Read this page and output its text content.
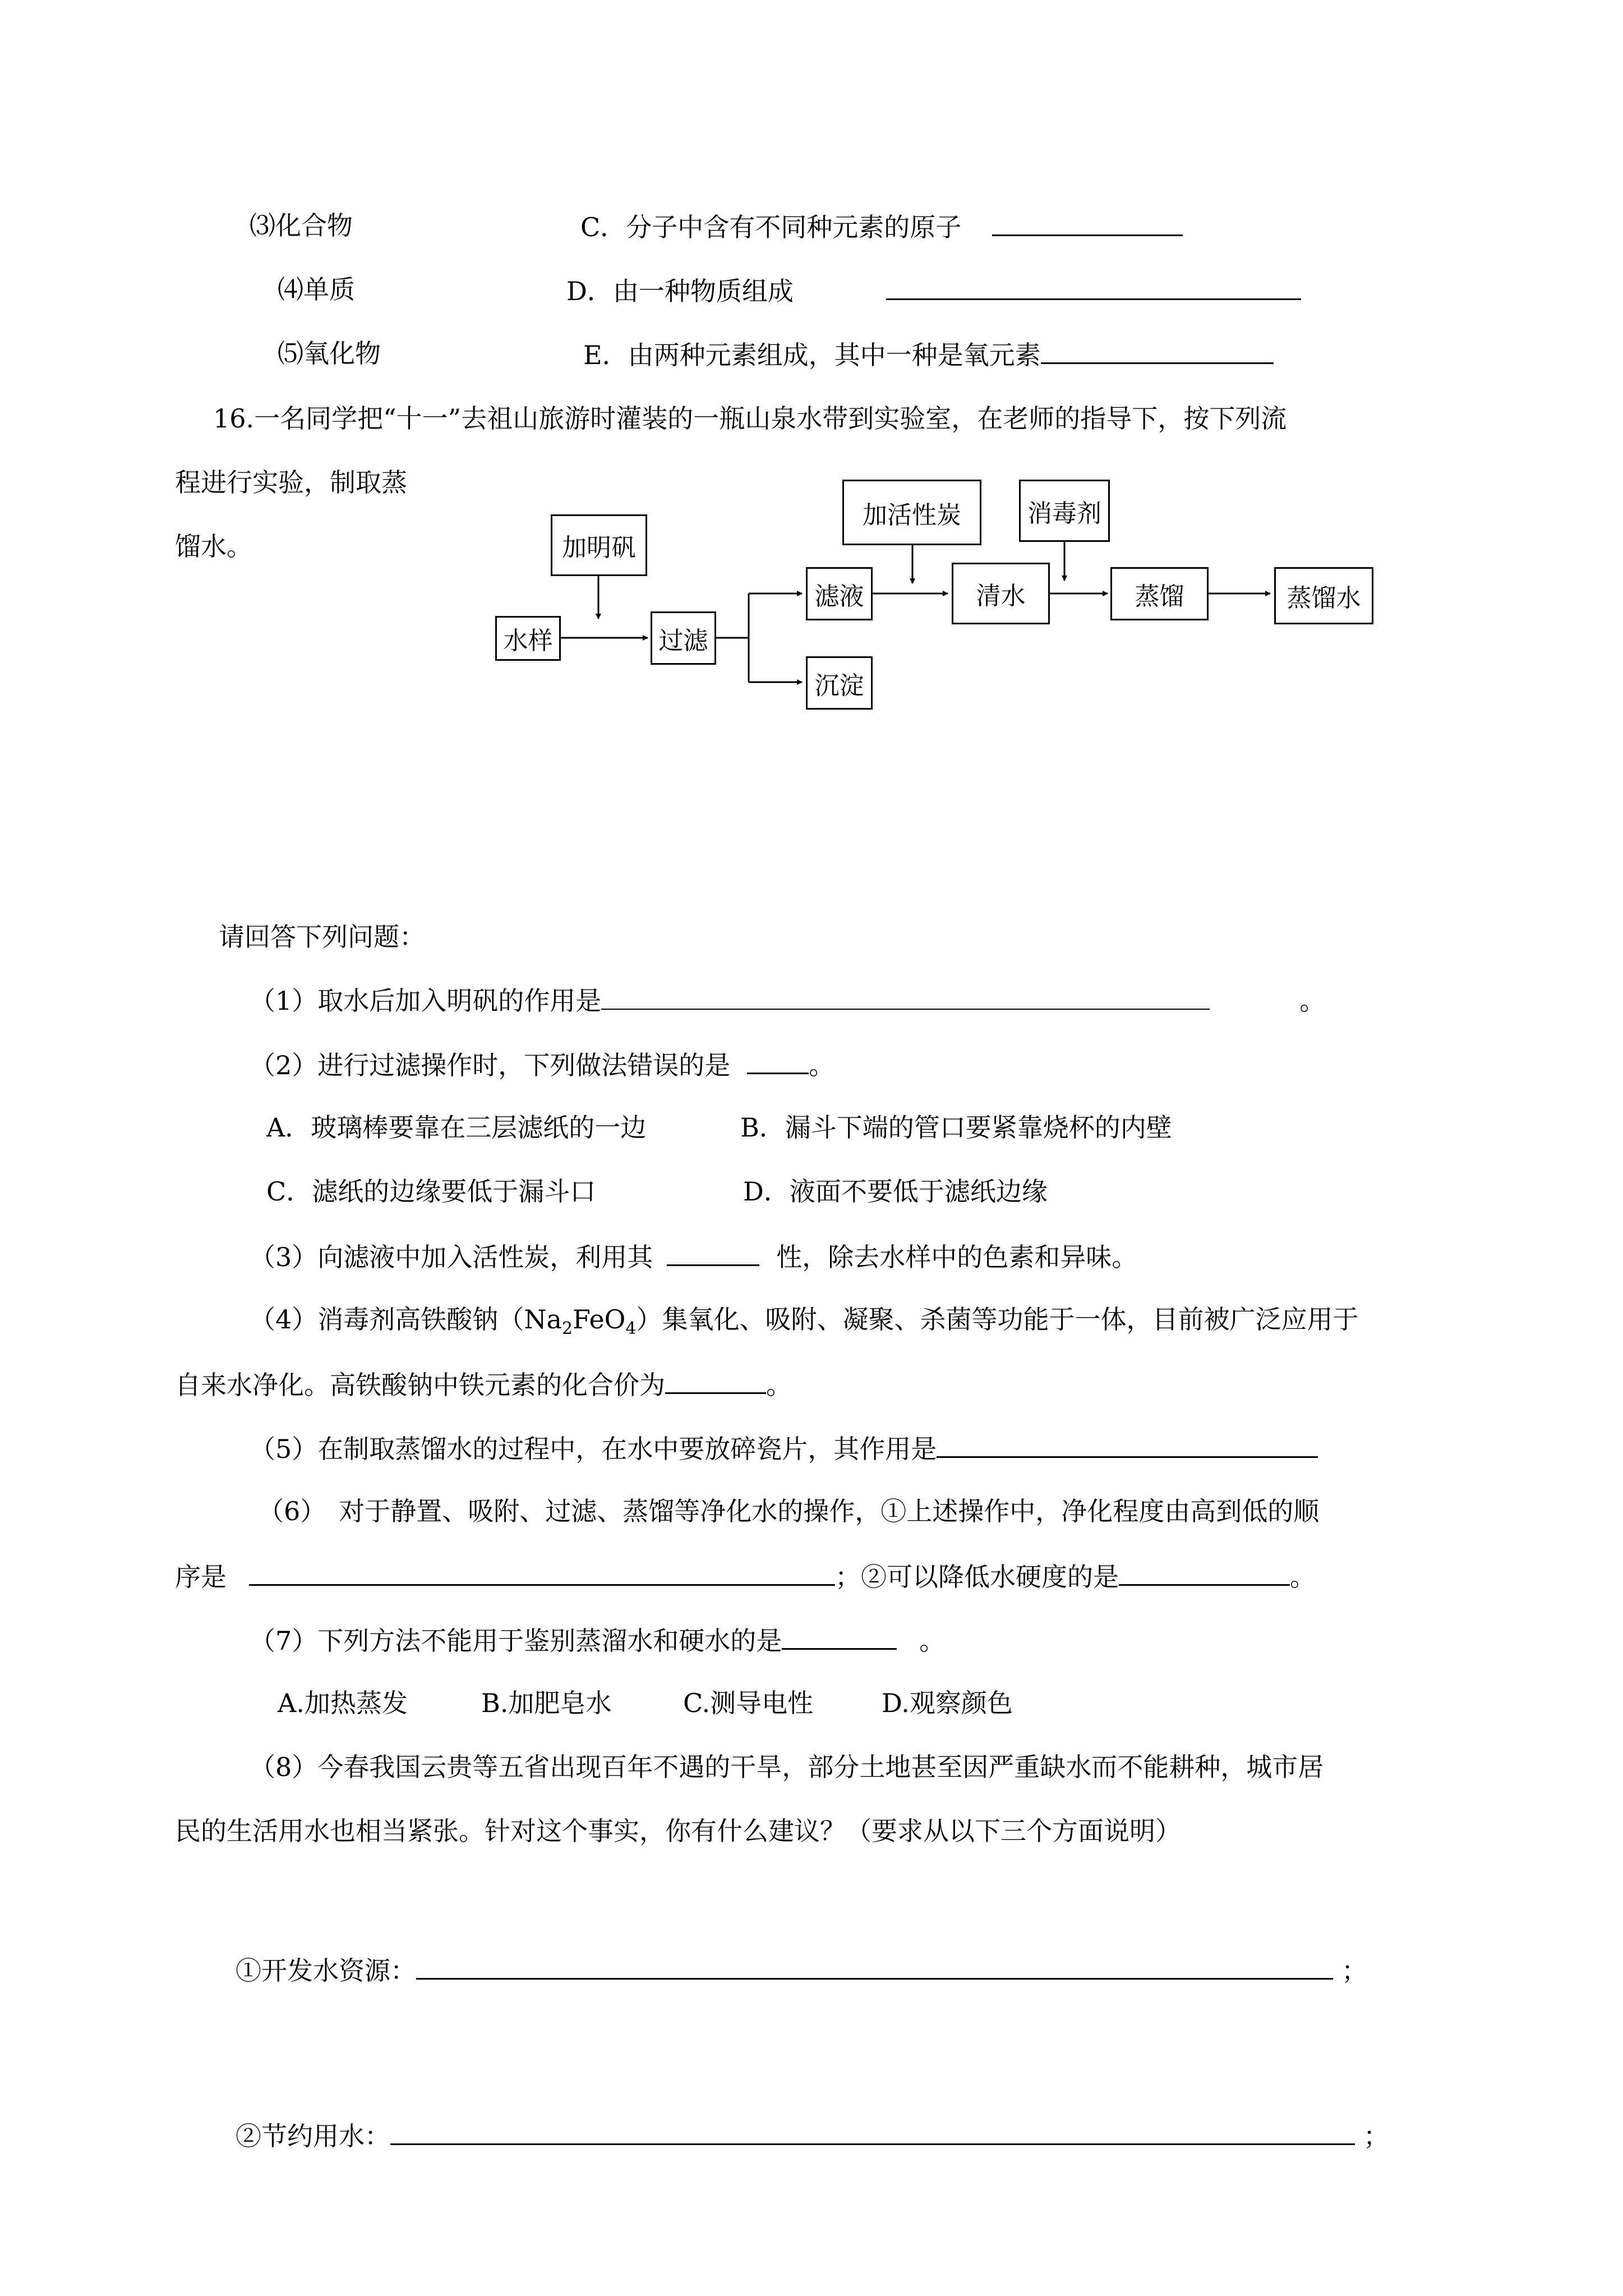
⑶化合物	C．分子中含有不同种元素的原子
⑷单质	D．由一种物质组成
⑸氧化物	E．由两种元素组成，其中一种是氧元素
16.一名同学把“十一”去祖山旅游时灌装的一瓶山泉水带到实验室，在老师的指导下，按下列流
程进行实验，制取蒸
馏水。
水样
加明矾
过滤
滤液
沉淀
加活性炭
清水
消毒剂
蒸馏	蒸馏水
请回答下列问题：
（1）取水后加入明矾的作用是	。
（2）进行过滤操作时，下列做法错误的是	。
A．玻璃棒要靠在三层滤纸的一边	B．漏斗下端的管口要紧靠烧杯的内壁
C．滤纸的边缘要低于漏斗口	D．液面不要低于滤纸边缘
（3）向滤液中加入活性炭，利用其	性，除去水样中的色素和异味。
（4）消毒剂高铁酸钠$(Na_2FeO_4)$集氧化、吸附、凝聚、杀菌等功能于一体，目前被广泛应用于
自来水净化。高铁酸钠中铁元素的化合价为	。
（5）在制取蒸馏水的过程中，在水中要放碎瓷片，其作用是
（6）　对于静置、吸附、过滤、蒸馏等净化水的操作，①上述操作中，净化程度由高到低的顺
序是	；②可以降低水硬度的是	。
（7）下列方法不能用于鉴别蒸溜水和硬水的是	。
A.加热蒸发	B.加肥皂水	C.测导电性	D.观察颜色
（8）今春我国云贵等五省出现百年不遇的干旱，部分土地甚至因严重缺水而不能耕种，城市居
民的生活用水也相当紧张。针对这个事实，你有什么建议？（要求从以下三个方面说明）
①开发水资源：	；
②节约用水：	；
